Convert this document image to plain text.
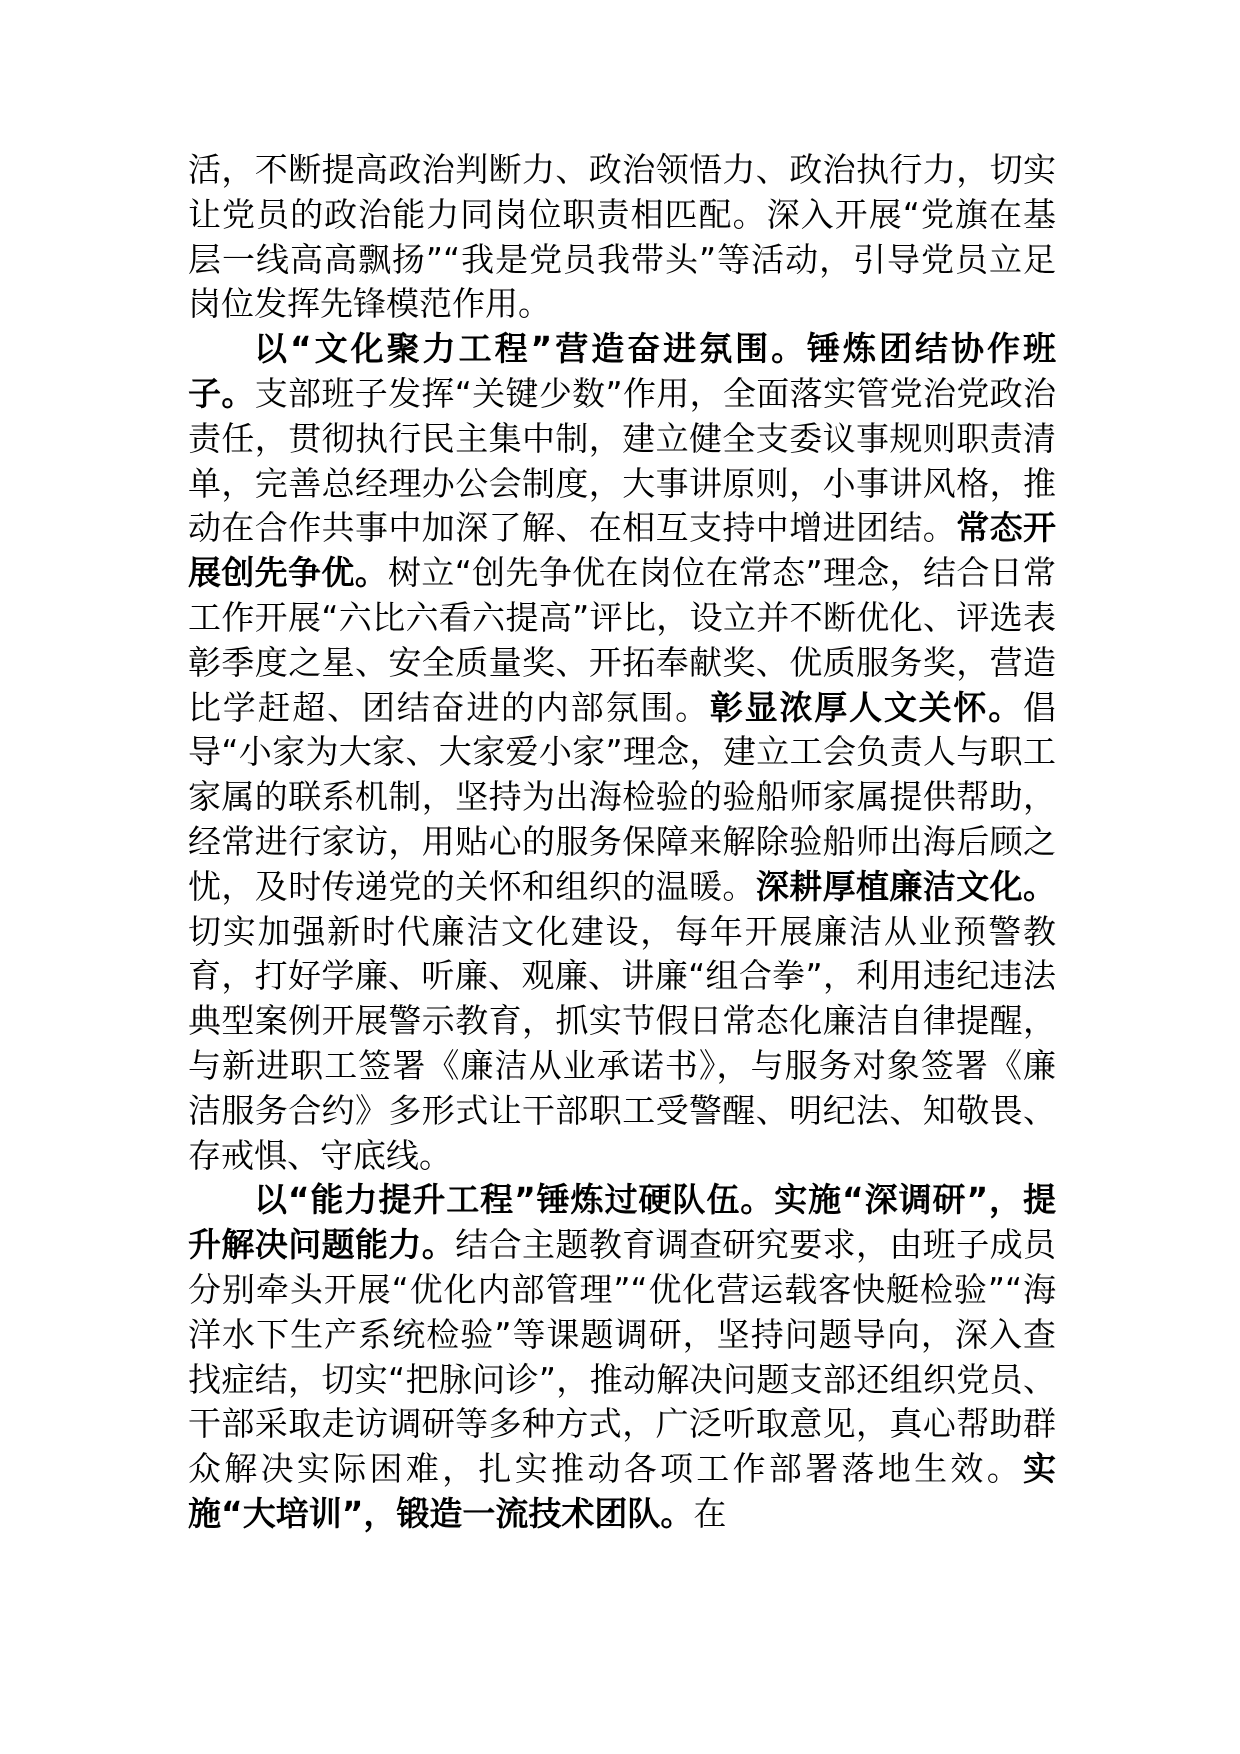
活，不断提高政治判断力、政治领悟力、政治执行力，切实让党员的政治能力同岗位职责相匹配。深入开展“党旗在基层一线高高飘扬”“我是党员我带头”等活动，引导党员立足岗位发挥先锋模范作用。

以“文化聚力工程”营造奋进氛围。锤炼团结协作班子。支部班子发挥“关键少数”作用，全面落实管党治党政治责任，贯彻执行民主集中制，建立健全支委议事规则职责清单，完善总经理办公会制度，大事讲原则，小事讲风格，推动在合作共事中加深了解、在相互支持中增进团结。常态开展创先争优。树立“创先争优在岗位在常态”理念，结合日常工作开展“六比六看六提高”评比，设立并不断优化、评选表彰季度之星、安全质量奖、开拓奉献奖、优质服务奖，营造比学赶超、团结奋进的内部氛围。彰显浓厚人文关怀。倡导“小家为大家、大家爱小家”理念，建立工会负责人与职工家属的联系机制，坚持为出海检验的验船师家属提供帮助，经常进行家访，用贴心的服务保障来解除验船师出海后顾之忧，及时传递党的关怀和组织的温暖。深耕厚植廉洁文化。切实加强新时代廉洁文化建设，每年开展廉洁从业预警教育，打好学廉、听廉、观廉、讲廉“组合拳”，利用违纪违法典型案例开展警示教育，抓实节假日常态化廉洁自律提醒，与新进职工签署《廉洁从业承诺书》，与服务对象签署《廉洁服务合约》多形式让干部职工受警醒、明纪法、知敬畏、存戒惧、守底线。

以“能力提升工程”锤炼过硬队伍。实施“深调研”，提升解决问题能力。结合主题教育调查研究要求，由班子成员分别牵头开展“优化内部管理”“优化营运载客快艇检验”“海洋水下生产系统检验”等课题调研，坚持问题导向，深入查找症结，切实“把脉问诊”，推动解决问题支部还组织党员、干部采取走访调研等多种方式，广泛听取意见，真心帮助群众解决实际困难，扎实推动各项工作部署落地生效。实施“大培训”，锻造一流技术团队。在
